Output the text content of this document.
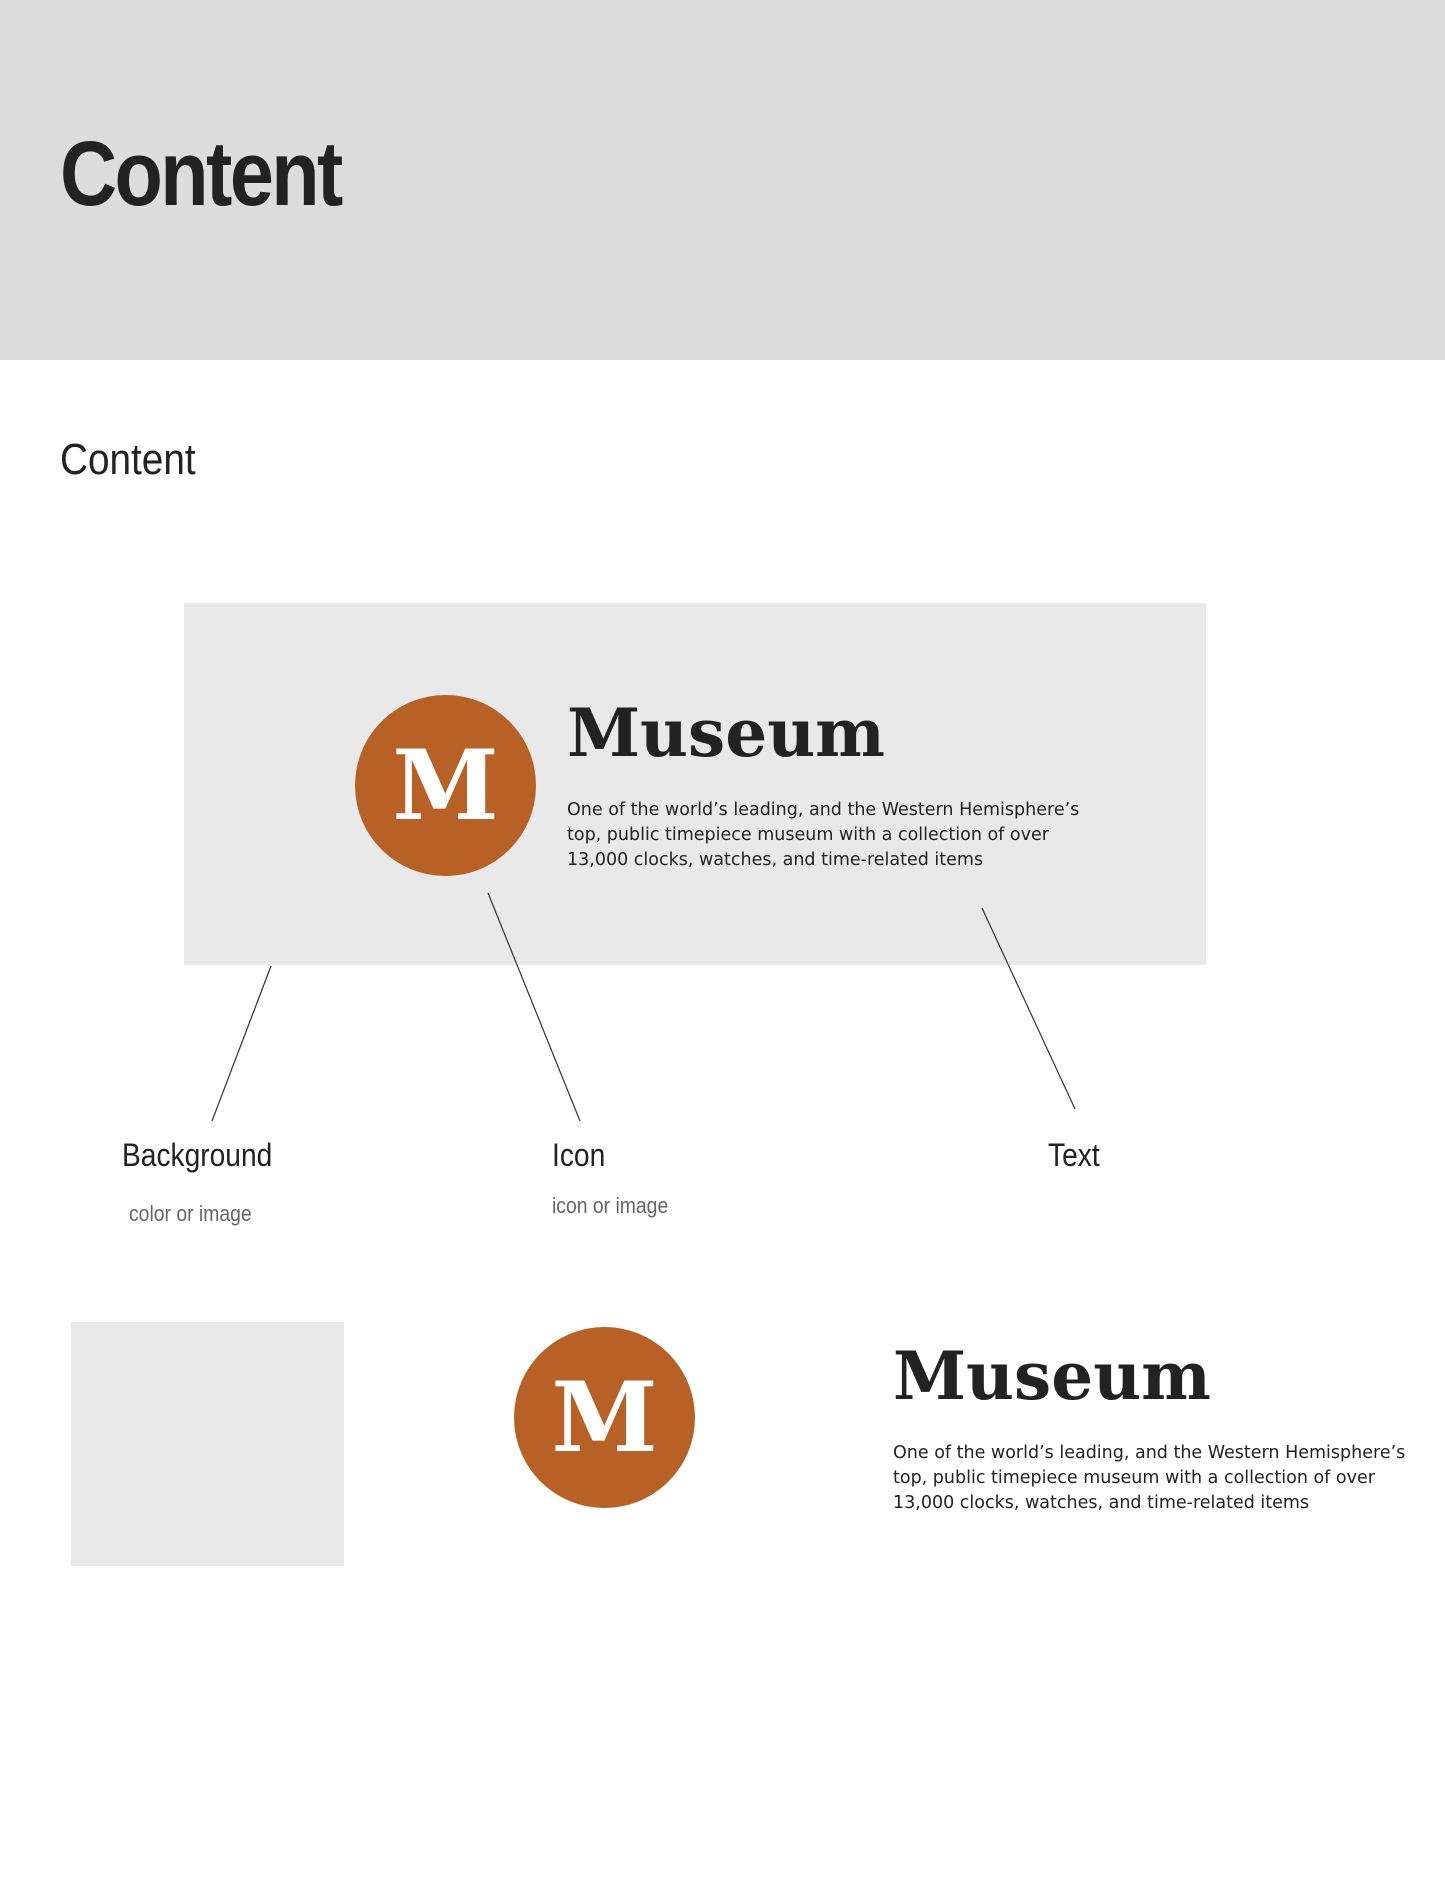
Content
Content
M Museum

One of the world’s leading, and the Western Hemisphere’s
top, public timepiece museum with a collection of over
13,000 clocks, watches, and time-related items

Background
color or image
Icon
icon or image
Text
M	Museum

One of the world’s leading, and the Western Hemisphere’s
top, public timepiece museum with a collection of over
13,000 clocks, watches, and time-related items
